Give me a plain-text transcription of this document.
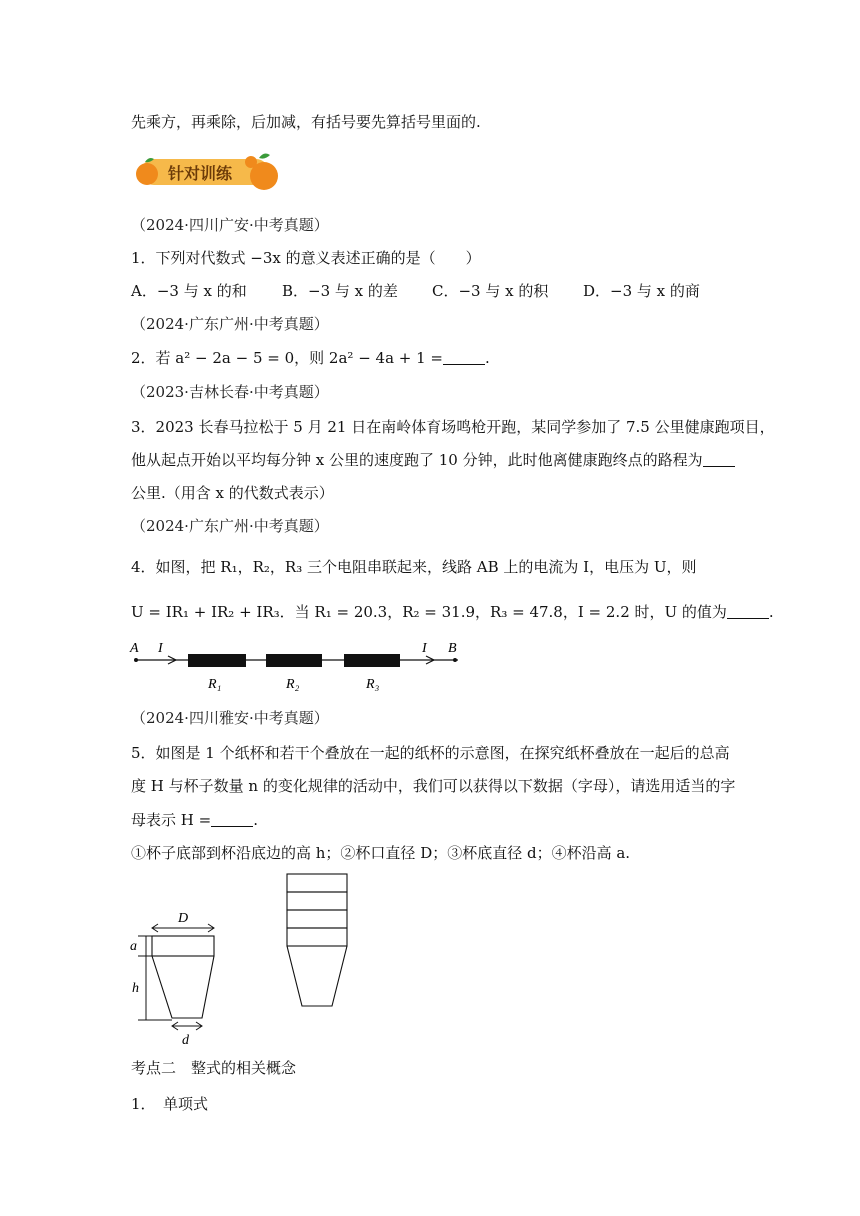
先乘方，再乘除，后加减，有括号要先算括号里面的.
针对训练
（2024·四川广安·中考真题）
1．下列对代数式 −3x 的意义表述正确的是（　　）
A．−3 与 x 的和 B．−3 与 x 的差 C．−3 与 x 的积 D．−3 与 x 的商
（2024·广东广州·中考真题）
2．若 a² − 2a − 5 = 0，则 2a² − 4a + 1 =	.
（2023·吉林长春·中考真题）
3．2023 长春马拉松于 5 月 21 日在南岭体育场鸣枪开跑，某同学参加了 7.5 公里健康跑项目，
他从起点开始以平均每分钟 x 公里的速度跑了 10 分钟，此时他离健康跑终点的路程为
公里.（用含 x 的代数式表示）
（2024·广东广州·中考真题）
4．如图，把 R₁，R₂，R₃ 三个电阻串联起来，线路 AB 上的电流为 I，电压为 U，则
U = IR₁ + IR₂ + IR₃．当 R₁ = 20.3，R₂ = 31.9，R₃ = 47.8，I = 2.2 时，U 的值为	.
A I	I B
R₁	R₂	R₃
（2024·四川雅安·中考真题）
5．如图是 1 个纸杯和若干个叠放在一起的纸杯的示意图，在探究纸杯叠放在一起后的总高
度 H 与杯子数量 n 的变化规律的活动中，我们可以获得以下数据（字母），请选用适当的字
母表示 H =	.
①杯子底部到杯沿底边的高 h；②杯口直径 D；③杯底直径 d；④杯沿高 a.
D
a
h
d
考点二　整式的相关概念
1．　单项式
